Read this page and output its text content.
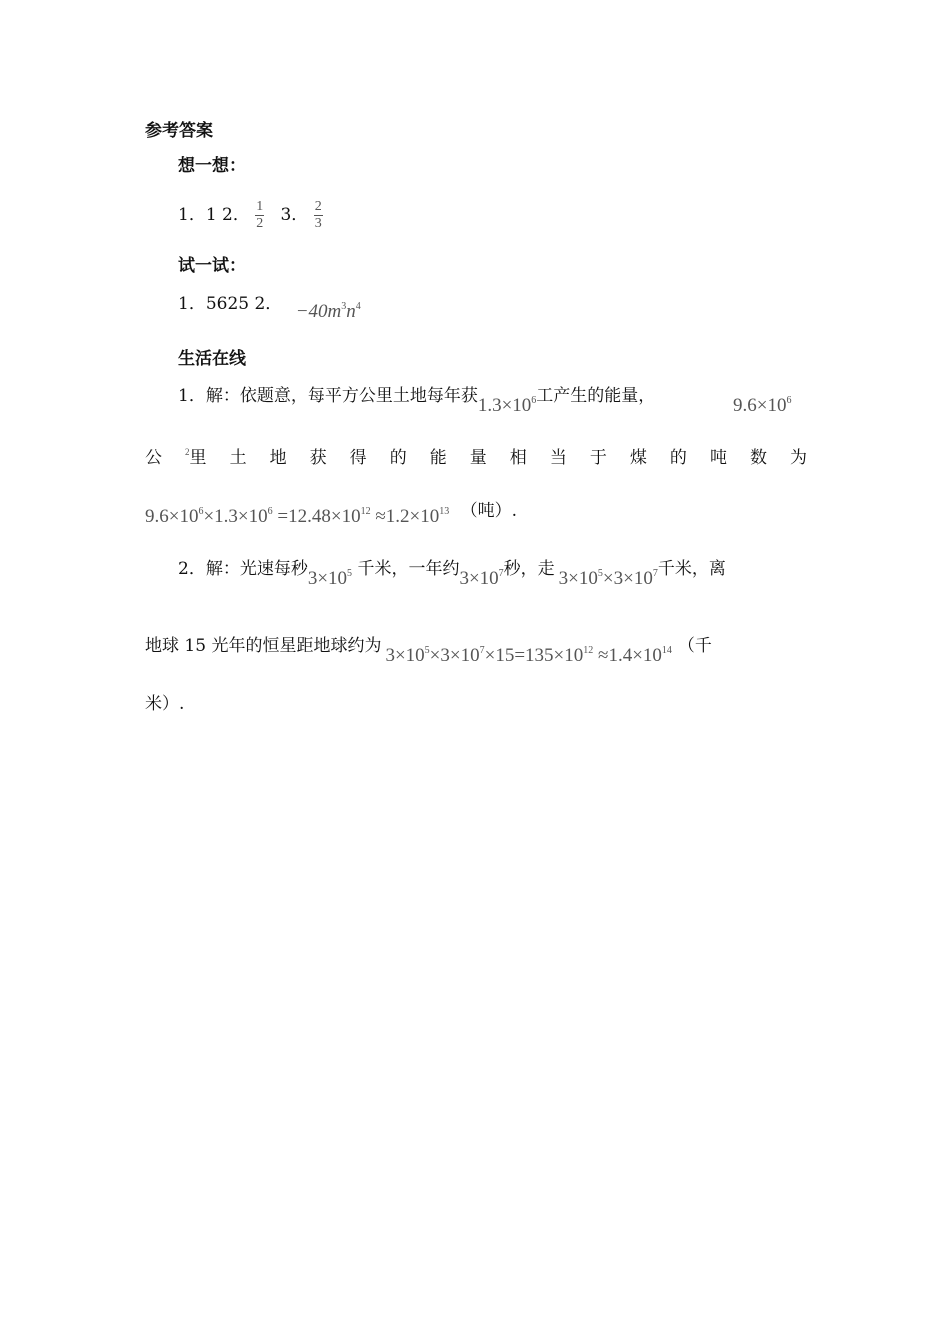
参考答案
想一想：
1．1 2． $\frac{1}{2} 3$． $\frac{2}{3}$
试一试：
1．5625 2． $-40m^3n^4$
生活在线
1．解：依题意，每平方公里土地每年获$1.3\times 10^6$工产生的能量，	$9.6\times 10^6$
公	$^2$里 土 地 获 得 的 能 量 相 当 于 煤 的 吨 数 为
$9.6\times 10^6\times 1.3\times 10^6 =12.48\times 10^{12} \approx 1.2\times 10^{13}$ （吨）.
2．解：光速每秒$3\times 10^5$ 千米，一年约$3\times 10^7$秒，走 $3\times 10^5\times 3\times 10^7$千米，离
地球 15 光年的恒星距地球约为 $3\times 10^5\times 3\times 10^7\times 15=135\times 10^{12} \approx 1.4\times 10^{14}$ （千
米）.
